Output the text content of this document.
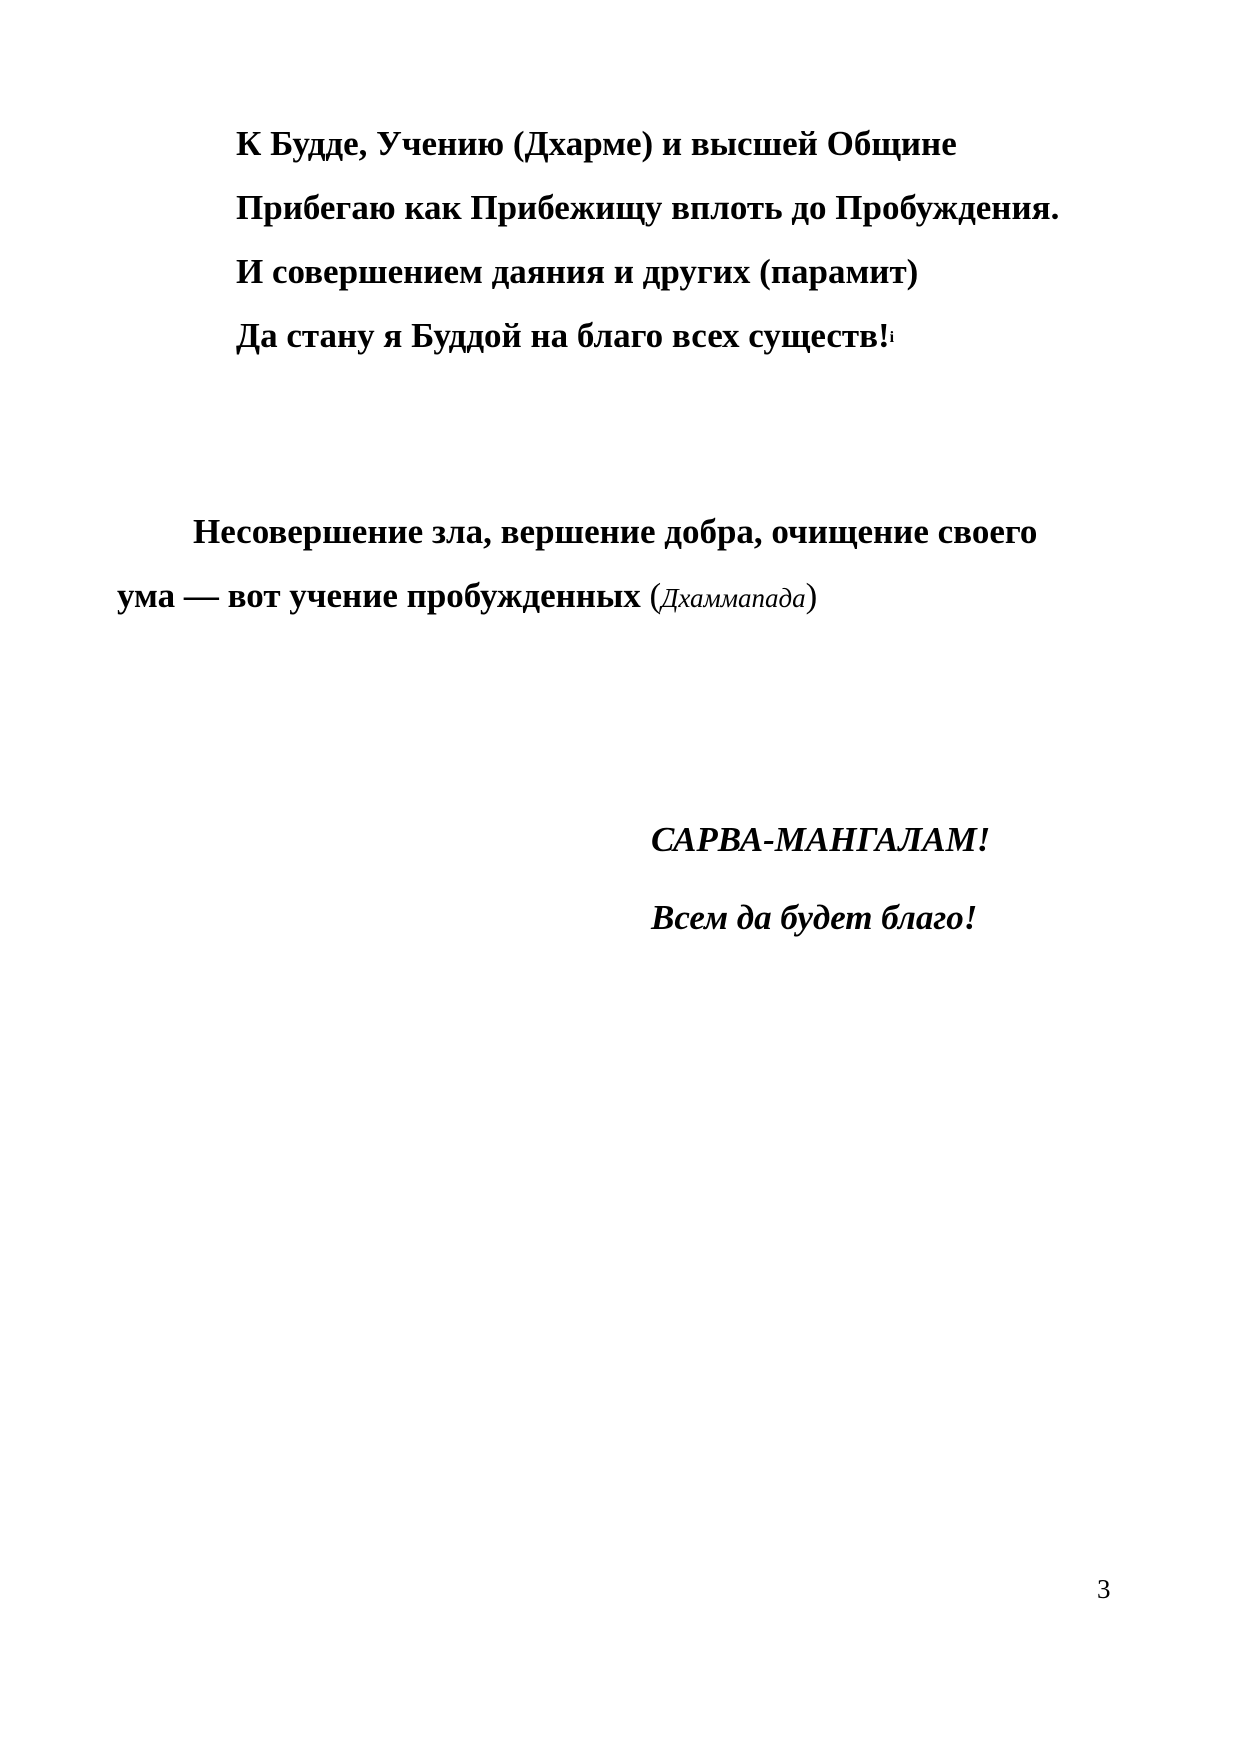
К Будде, Учению (Дхарме) и высшей Общине
Прибегаю как Прибежищу вплоть до Пробуждения.
И совершением даяния и других (парамит)
Да стану я Буддой на благо всех существ!$^i$
Несовершение зла, вершение добра, очищение своего
ума — вот учение пробужденных (Дхаммапада)
САРВА-МАНГАЛАМ!
Всем да будет благо!
3
